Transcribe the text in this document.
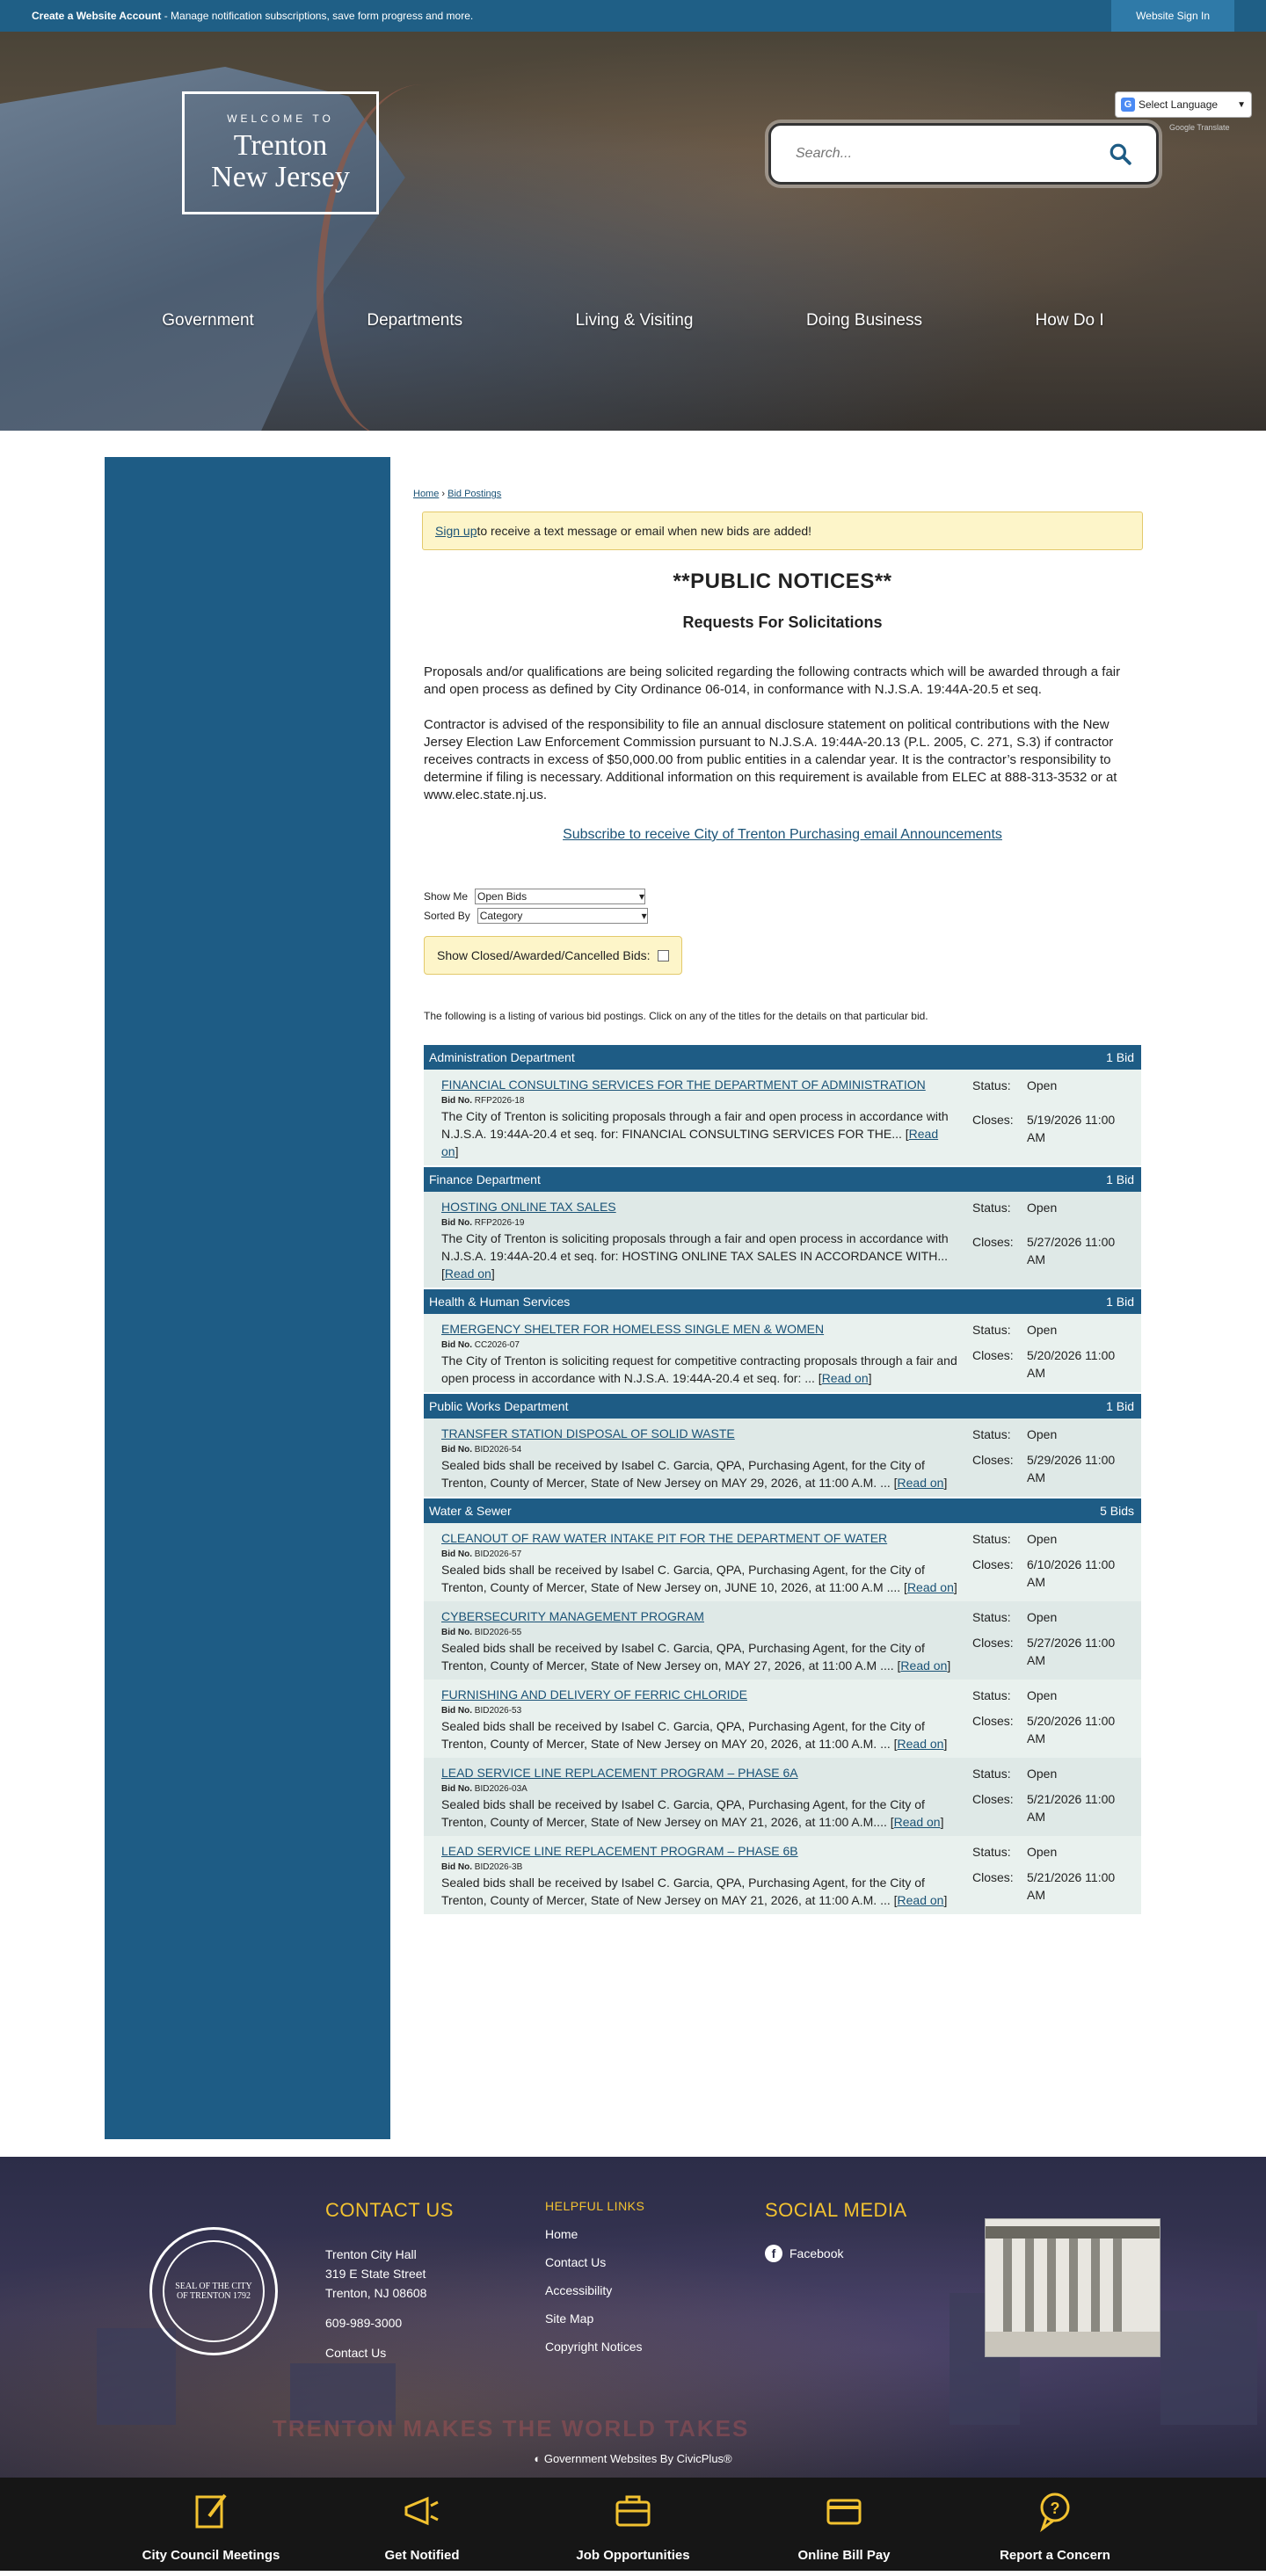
Create a Website Account - Manage notification subscriptions, save form progress and more.	Website Sign In
WELCOME TO
Trenton
New Jersey
G Select Language ▼
Google Translate
Search...
Government	Departments	Living & Visiting	Doing Business	How Do I
Home › Bid Postings
Sign up to receive a text message or email when new bids are added!
**PUBLIC NOTICES**
Requests For Solicitations

Proposals and/or qualifications are being solicited regarding the following contracts which will be awarded through a fair and open process as defined by City Ordinance 06-014, in conformance with N.J.S.A. 19:44A-20.5 et seq.

Contractor is advised of the responsibility to file an annual disclosure statement on political contributions with the New Jersey Election Law Enforcement Commission pursuant to N.J.S.A. 19:44A-20.13 (P.L. 2005, C. 271, S.3) if contractor receives contracts in excess of $50,000.00 from public entities in a calendar year. It is the contractor’s responsibility to determine if filing is necessary. Additional information on this requirement is available from ELEC at 888-313-3532 or at www.elec.state.nj.us.

Subscribe to receive City of Trenton Purchasing email Announcements
Show Me Open Bids	▾
Sorted By Category	▾
Show Closed/Awarded/Cancelled Bids:
The following is a listing of various bid postings. Click on any of the titles for the details on that particular bid.
Administration Department	1 Bid
FINANCIAL CONSULTING SERVICES FOR THE DEPARTMENT OF ADMINISTRATION
Bid No. RFP2026-18
The City of Trenton is soliciting proposals through a fair and open process in accordance with N.J.S.A. 19:44A-20.4 et seq. for: FINANCIAL CONSULTING SERVICES FOR THE... [Read on]
Status:	Open
Closes:	5/19/2026 11:00 AM
Finance Department	1 Bid
HOSTING ONLINE TAX SALES
Bid No. RFP2026-19
The City of Trenton is soliciting proposals through a fair and open process in accordance with N.J.S.A. 19:44A-20.4 et seq. for: HOSTING ONLINE TAX SALES IN ACCORDANCE WITH... [Read on]
Status:	Open
Closes:	5/27/2026 11:00 AM
Health & Human Services	1 Bid
EMERGENCY SHELTER FOR HOMELESS SINGLE MEN & WOMEN
Bid No. CC2026-07
The City of Trenton is soliciting request for competitive contracting proposals through a fair and open process in accordance with N.J.S.A. 19:44A-20.4 et seq. for: ... [Read on]
Status:	Open
Closes:	5/20/2026 11:00 AM
Public Works Department	1 Bid
TRANSFER STATION DISPOSAL OF SOLID WASTE
Bid No. BID2026-54
Sealed bids shall be received by Isabel C. Garcia, QPA, Purchasing Agent, for the City of Trenton, County of Mercer, State of New Jersey on MAY 29, 2026, at 11:00 A.M. ... [Read on]
Status:	Open
Closes:	5/29/2026 11:00 AM
Water & Sewer	5 Bids
CLEANOUT OF RAW WATER INTAKE PIT FOR THE DEPARTMENT OF WATER
Bid No. BID2026-57
Sealed bids shall be received by Isabel C. Garcia, QPA, Purchasing Agent, for the City of Trenton, County of Mercer, State of New Jersey on, JUNE 10, 2026, at 11:00 A.M .... [Read on]
Status:	Open
Closes:	6/10/2026 11:00 AM
CYBERSECURITY MANAGEMENT PROGRAM
Bid No. BID2026-55
Sealed bids shall be received by Isabel C. Garcia, QPA, Purchasing Agent, for the City of Trenton, County of Mercer, State of New Jersey on, MAY 27, 2026, at 11:00 A.M .... [Read on]
Status:	Open
Closes:	5/27/2026 11:00 AM
FURNISHING AND DELIVERY OF FERRIC CHLORIDE
Bid No. BID2026-53
Sealed bids shall be received by Isabel C. Garcia, QPA, Purchasing Agent, for the City of Trenton, County of Mercer, State of New Jersey on MAY 20, 2026, at 11:00 A.M. ... [Read on]
Status:	Open
Closes:	5/20/2026 11:00 AM
LEAD SERVICE LINE REPLACEMENT PROGRAM – PHASE 6A
Bid No. BID2026-03A
Sealed bids shall be received by Isabel C. Garcia, QPA, Purchasing Agent, for the City of Trenton, County of Mercer, State of New Jersey on MAY 21, 2026, at 11:00 A.M.... [Read on]
Status:	Open
Closes:	5/21/2026 11:00 AM
LEAD SERVICE LINE REPLACEMENT PROGRAM – PHASE 6B
Bid No. BID2026-3B
Sealed bids shall be received by Isabel C. Garcia, QPA, Purchasing Agent, for the City of Trenton, County of Mercer, State of New Jersey on MAY 21, 2026, at 11:00 A.M. ... [Read on]
Status:	Open
Closes:	5/21/2026 11:00 AM
TRENTON MAKES THE WORLD TAKES
SEAL OF THE CITY OF TRENTON 1792
CONTACT US
Trenton City Hall
319 E State Street
Trenton, NJ 08608
609-989-3000
Contact Us
HELPFUL LINKS
Home
Contact Us
Accessibility
Site Map
Copyright Notices
SOCIAL MEDIA
f	Facebook
◐ Government Websites By CivicPlus®
City Council Meetings	Get Notified	Job Opportunities	Online Bill Pay
?
Report a Concern
